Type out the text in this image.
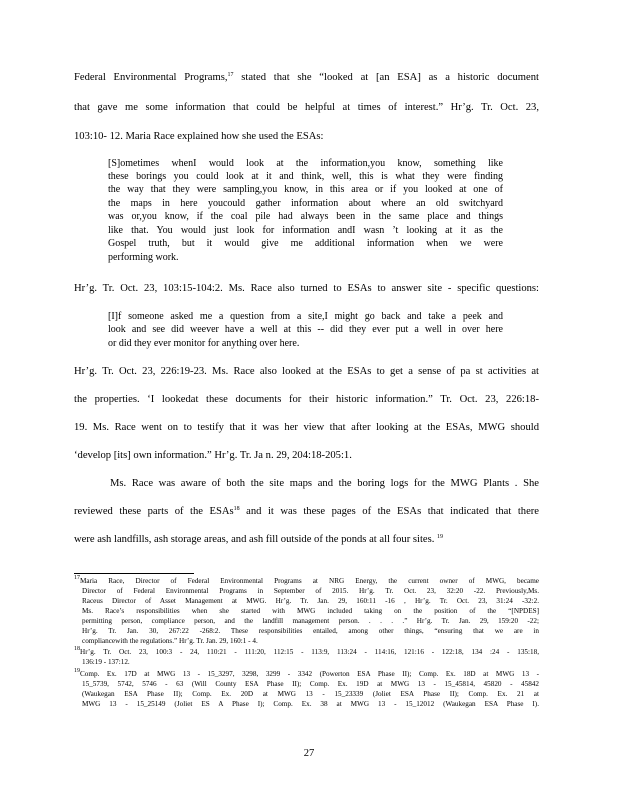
Federal Environmental Programs,$^{17}$ stated that she “looked at [an ESA] as a historic document
that gave me some information that could be helpful at times of interest.” Hr’g. Tr. Oct. 23,
103:10- 12. Maria Race explained how she used the ESAs:
[S]ometimes whenI would look at the information,you know, something like
these borings you could look at it and think, well, this is what they were finding
the way that they were sampling,you know, in this area or if you looked at one of
the maps in here youcould gather information about where an old switchyard
was or,you know, if the coal pile had always been in the same place and things
like that. You would just look for information andI wasn ’t looking at it as the
Gospel truth, but it would give me additional information when we were
performing work.
Hr’g. Tr. Oct. 23, 103:15-104:2. Ms. Race also turned to ESAs to answer site - specific questions:
[I]f someone asked me a question from a site,I might go back and take a peek and
look and see did weever have a well at this -- did they ever put a well in over here
or did they ever monitor for anything over here.
Hr’g. Tr. Oct. 23, 226:19-23. Ms. Race also looked at the ESAs to get a sense of pa st activities at
the properties. ‘I lookedat these documents for their historic information.” Tr. Oct. 23, 226:18-
19. Ms. Race went on to testify that it was her view that after looking at the ESAs, MWG should
‘develop [its] own information.” Hr’g. Tr. Ja n. 29, 204:18-205:1.
Ms. Race was aware of both the site maps and the boring logs for the MWG Plants . She
reviewed these parts of the ESAs$^{18}$ and it was these pages of the ESAs that indicated that there
were ash landfills, ash storage areas, and ash fill outside of the ponds at all four sites. $^{19}$
$^{17}$Maria Race, Director of Federal Environmental Programs at NRG Energy, the current owner of MWG, became
Director of Federal Environmental Programs in September of 2015. Hr’g. Tr. Oct. 23, 32:20 -22. Previously,Ms.
Raceus Director of Asset Management at MWG. Hr’g. Tr. Jan. 29, 160:11 -16 , Hr’g. Tr. Oct. 23, 31:24 -32:2.
Ms. Race’s responsibilities when she started with MWG included taking on the position of the “[NPDES]
permitting person, compliance person, and the landfill management person. . . . .” Hr’g. Tr. Jan. 29, 159:20 -22;
Hr’g. Tr. Jan. 30, 267:22 -268:2. These responsibilities entailed, among other things, “ensuring that we are in
compliancewith the regulations.” Hr’g. Tr. Jan. 29, 160:1 - 4.
$^{18}$Hr’g. Tr. Oct. 23, 100:3 - 24, 110:21 - 111:20, 112:15 - 113:9, 113:24 - 114:16, 121:16 - 122:18, 134 :24 - 135:18,
136:19 - 137:12.
$^{19}$Comp. Ex. 17D at MWG 13 - 15_3297, 3298, 3299 - 3342 (Powerton ESA Phase II); Comp. Ex. 18D at MWG 13 -
15_5739, 5742, 5746 - 63 (Will County ESA Phase II); Comp. Ex. 19D at MWG 13 - 15_45814, 45820 - 45842
(Waukegan ESA Phase II); Comp. Ex. 20D at MWG 13 - 15_23339 (Joliet ESA Phase II); Comp. Ex. 21 at
MWG 13 - 15_25149 (Joliet ES A Phase I); Comp. Ex. 38 at MWG 13 - 15_12012 (Waukegan ESA Phase I).
27
